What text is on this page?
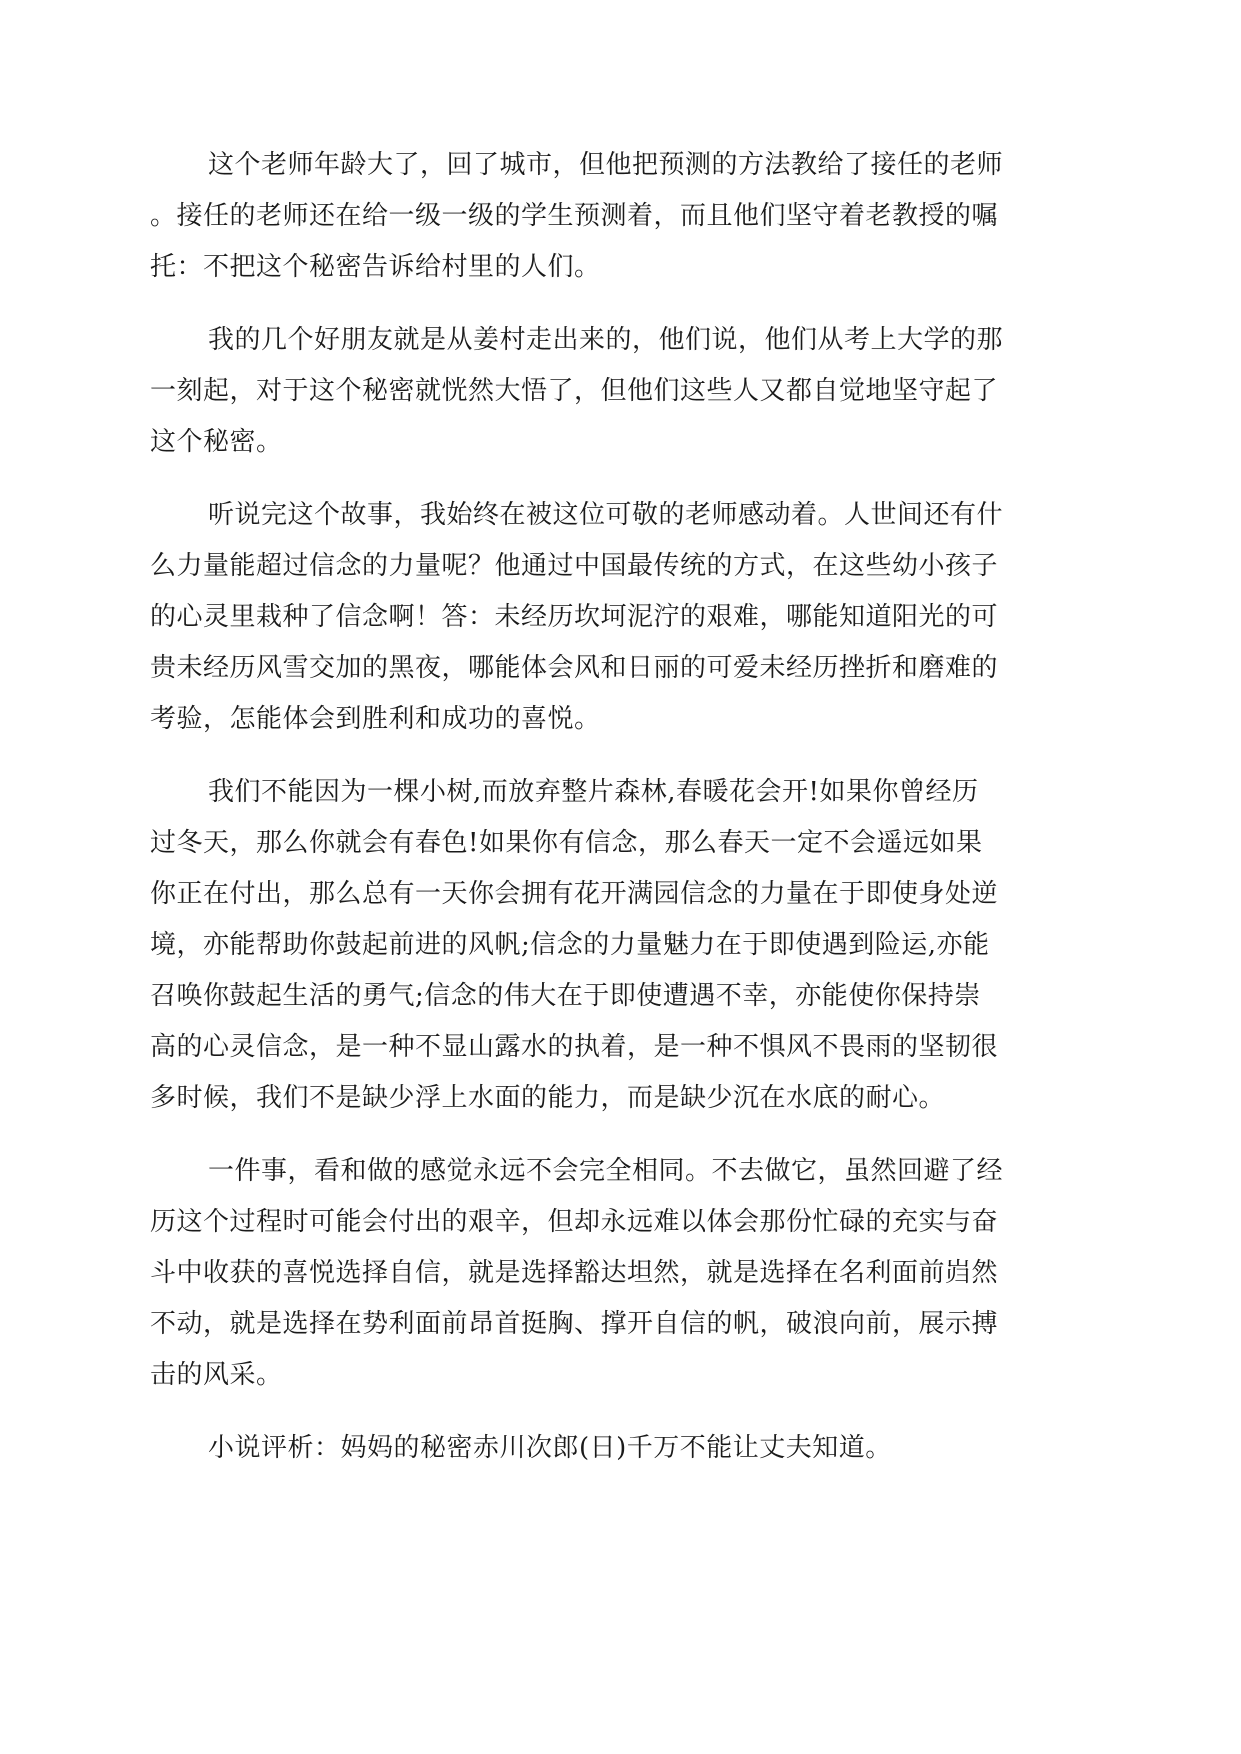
这个老师年龄大了，回了城市，但他把预测的方法教给了接任的老师
。接任的老师还在给一级一级的学生预测着，而且他们坚守着老教授的嘱
托：不把这个秘密告诉给村里的人们。

我的几个好朋友就是从姜村走出来的，他们说，他们从考上大学的那
一刻起，对于这个秘密就恍然大悟了，但他们这些人又都自觉地坚守起了
这个秘密。

听说完这个故事，我始终在被这位可敬的老师感动着。人世间还有什
么力量能超过信念的力量呢？他通过中国最传统的方式，在这些幼小孩子
的心灵里栽种了信念啊！答：未经历坎坷泥泞的艰难，哪能知道阳光的可
贵未经历风雪交加的黑夜，哪能体会风和日丽的可爱未经历挫折和磨难的
考验，怎能体会到胜利和成功的喜悦。

我们不能因为一棵小树,而放弃整片森林,春暖花会开!如果你曾经历
过冬天，那么你就会有春色!如果你有信念，那么春天一定不会遥远如果
你正在付出，那么总有一天你会拥有花开满园信念的力量在于即使身处逆
境，亦能帮助你鼓起前进的风帆;信念的力量魅力在于即使遇到险运,亦能
召唤你鼓起生活的勇气;信念的伟大在于即使遭遇不幸，亦能使你保持崇
高的心灵信念，是一种不显山露水的执着，是一种不惧风不畏雨的坚韧很
多时候，我们不是缺少浮上水面的能力，而是缺少沉在水底的耐心。

一件事，看和做的感觉永远不会完全相同。不去做它，虽然回避了经
历这个过程时可能会付出的艰辛，但却永远难以体会那份忙碌的充实与奋
斗中收获的喜悦选择自信，就是选择豁达坦然，就是选择在名利面前岿然
不动，就是选择在势利面前昂首挺胸、撑开自信的帆，破浪向前，展示搏
击的风采。

小说评析：妈妈的秘密赤川次郎(日)千万不能让丈夫知道。
